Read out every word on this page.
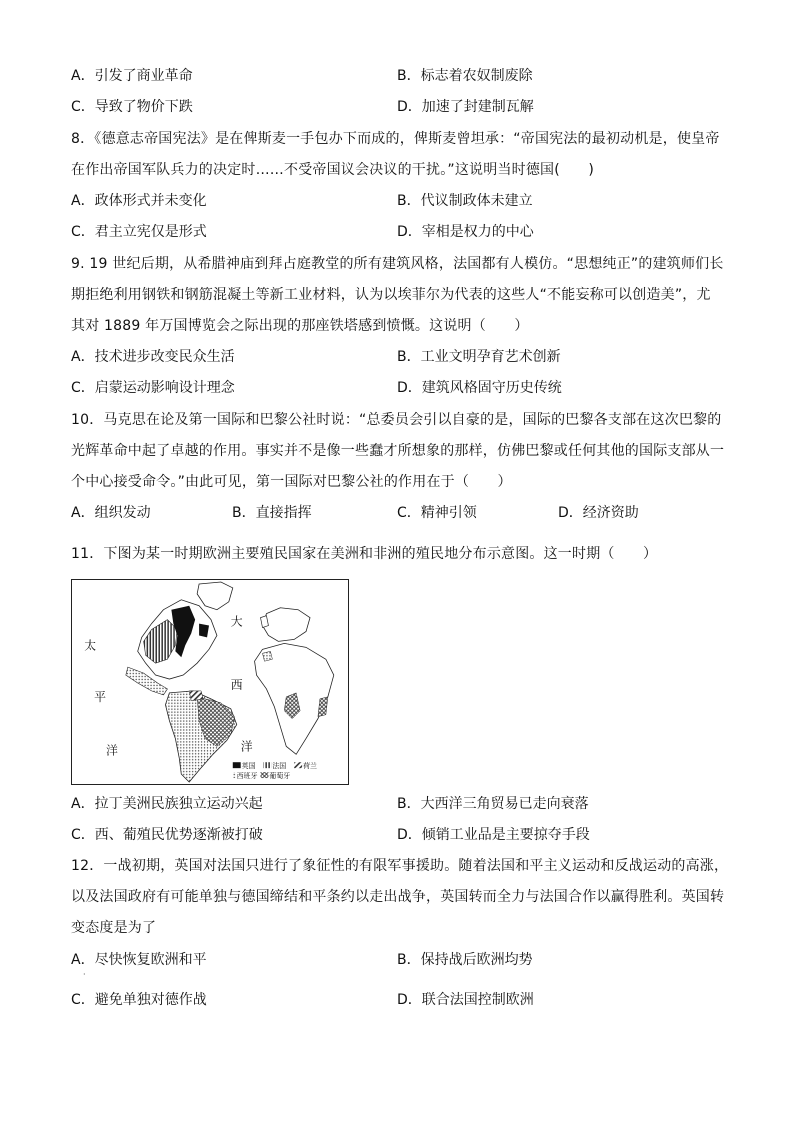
A．引发了商业革命	B．标志着农奴制废除
C．导致了物价下跌	D．加速了封建制瓦解
8．《德意志帝国宪法》是在俾斯麦一手包办下而成的，俾斯麦曾坦承：“帝国宪法的最初动机是，使皇帝
在作出帝国军队兵力的决定时……不受帝国议会决议的干扰。”这说明当时德国(　　)
A．政体形式并未变化	B．代议制政体未建立
C．君主立宪仅是形式	D．宰相是权力的中心
9. 19 世纪后期，从希腊神庙到拜占庭教堂的所有建筑风格，法国都有人模仿。“思想纯正”的建筑师们长
期拒绝利用钢铁和钢筋混凝土等新工业材料，认为以埃菲尔为代表的这些人“不能妄称可以创造美”，尤
其对 1889 年万国博览会之际出现的那座铁塔感到愤慨。这说明（　　）
A．技术进步改变民众生活	B．工业文明孕育艺术创新
C．启蒙运动影响设计理念	D．建筑风格固守历史传统
10．马克思在论及第一国际和巴黎公社时说：“总委员会引以自豪的是，国际的巴黎各支部在这次巴黎的
光辉革命中起了卓越的作用。事实并不是像一些蠢才所想象的那样，仿佛巴黎或任何其他的国际支部从一
个中心接受命令。”由此可见，第一国际对巴黎公社的作用在于（　　）
A．组织发动	B．直接指挥	C．精神引领	D．经济资助
11．下图为某一时期欧洲主要殖民国家在美洲和非洲的殖民地分布示意图。这一时期（　　）
太
平
洋
大
西
洋
英国 法国 荷兰
西班牙 葡萄牙
A．拉丁美洲民族独立运动兴起	B．大西洋三角贸易已走向衰落
C．西、葡殖民优势逐渐被打破	D．倾销工业品是主要掠夺手段
12．一战初期，英国对法国只进行了象征性的有限军事援助。随着法国和平主义运动和反战运动的高涨，
以及法国政府有可能单独与德国缔结和平条约以走出战争，英国转而全力与法国合作以赢得胜利。英国转
变态度是为了
A．尽快恢复欧洲和平	B．保持战后欧洲均势
·
C．避免单独对德作战	D．联合法国控制欧洲
